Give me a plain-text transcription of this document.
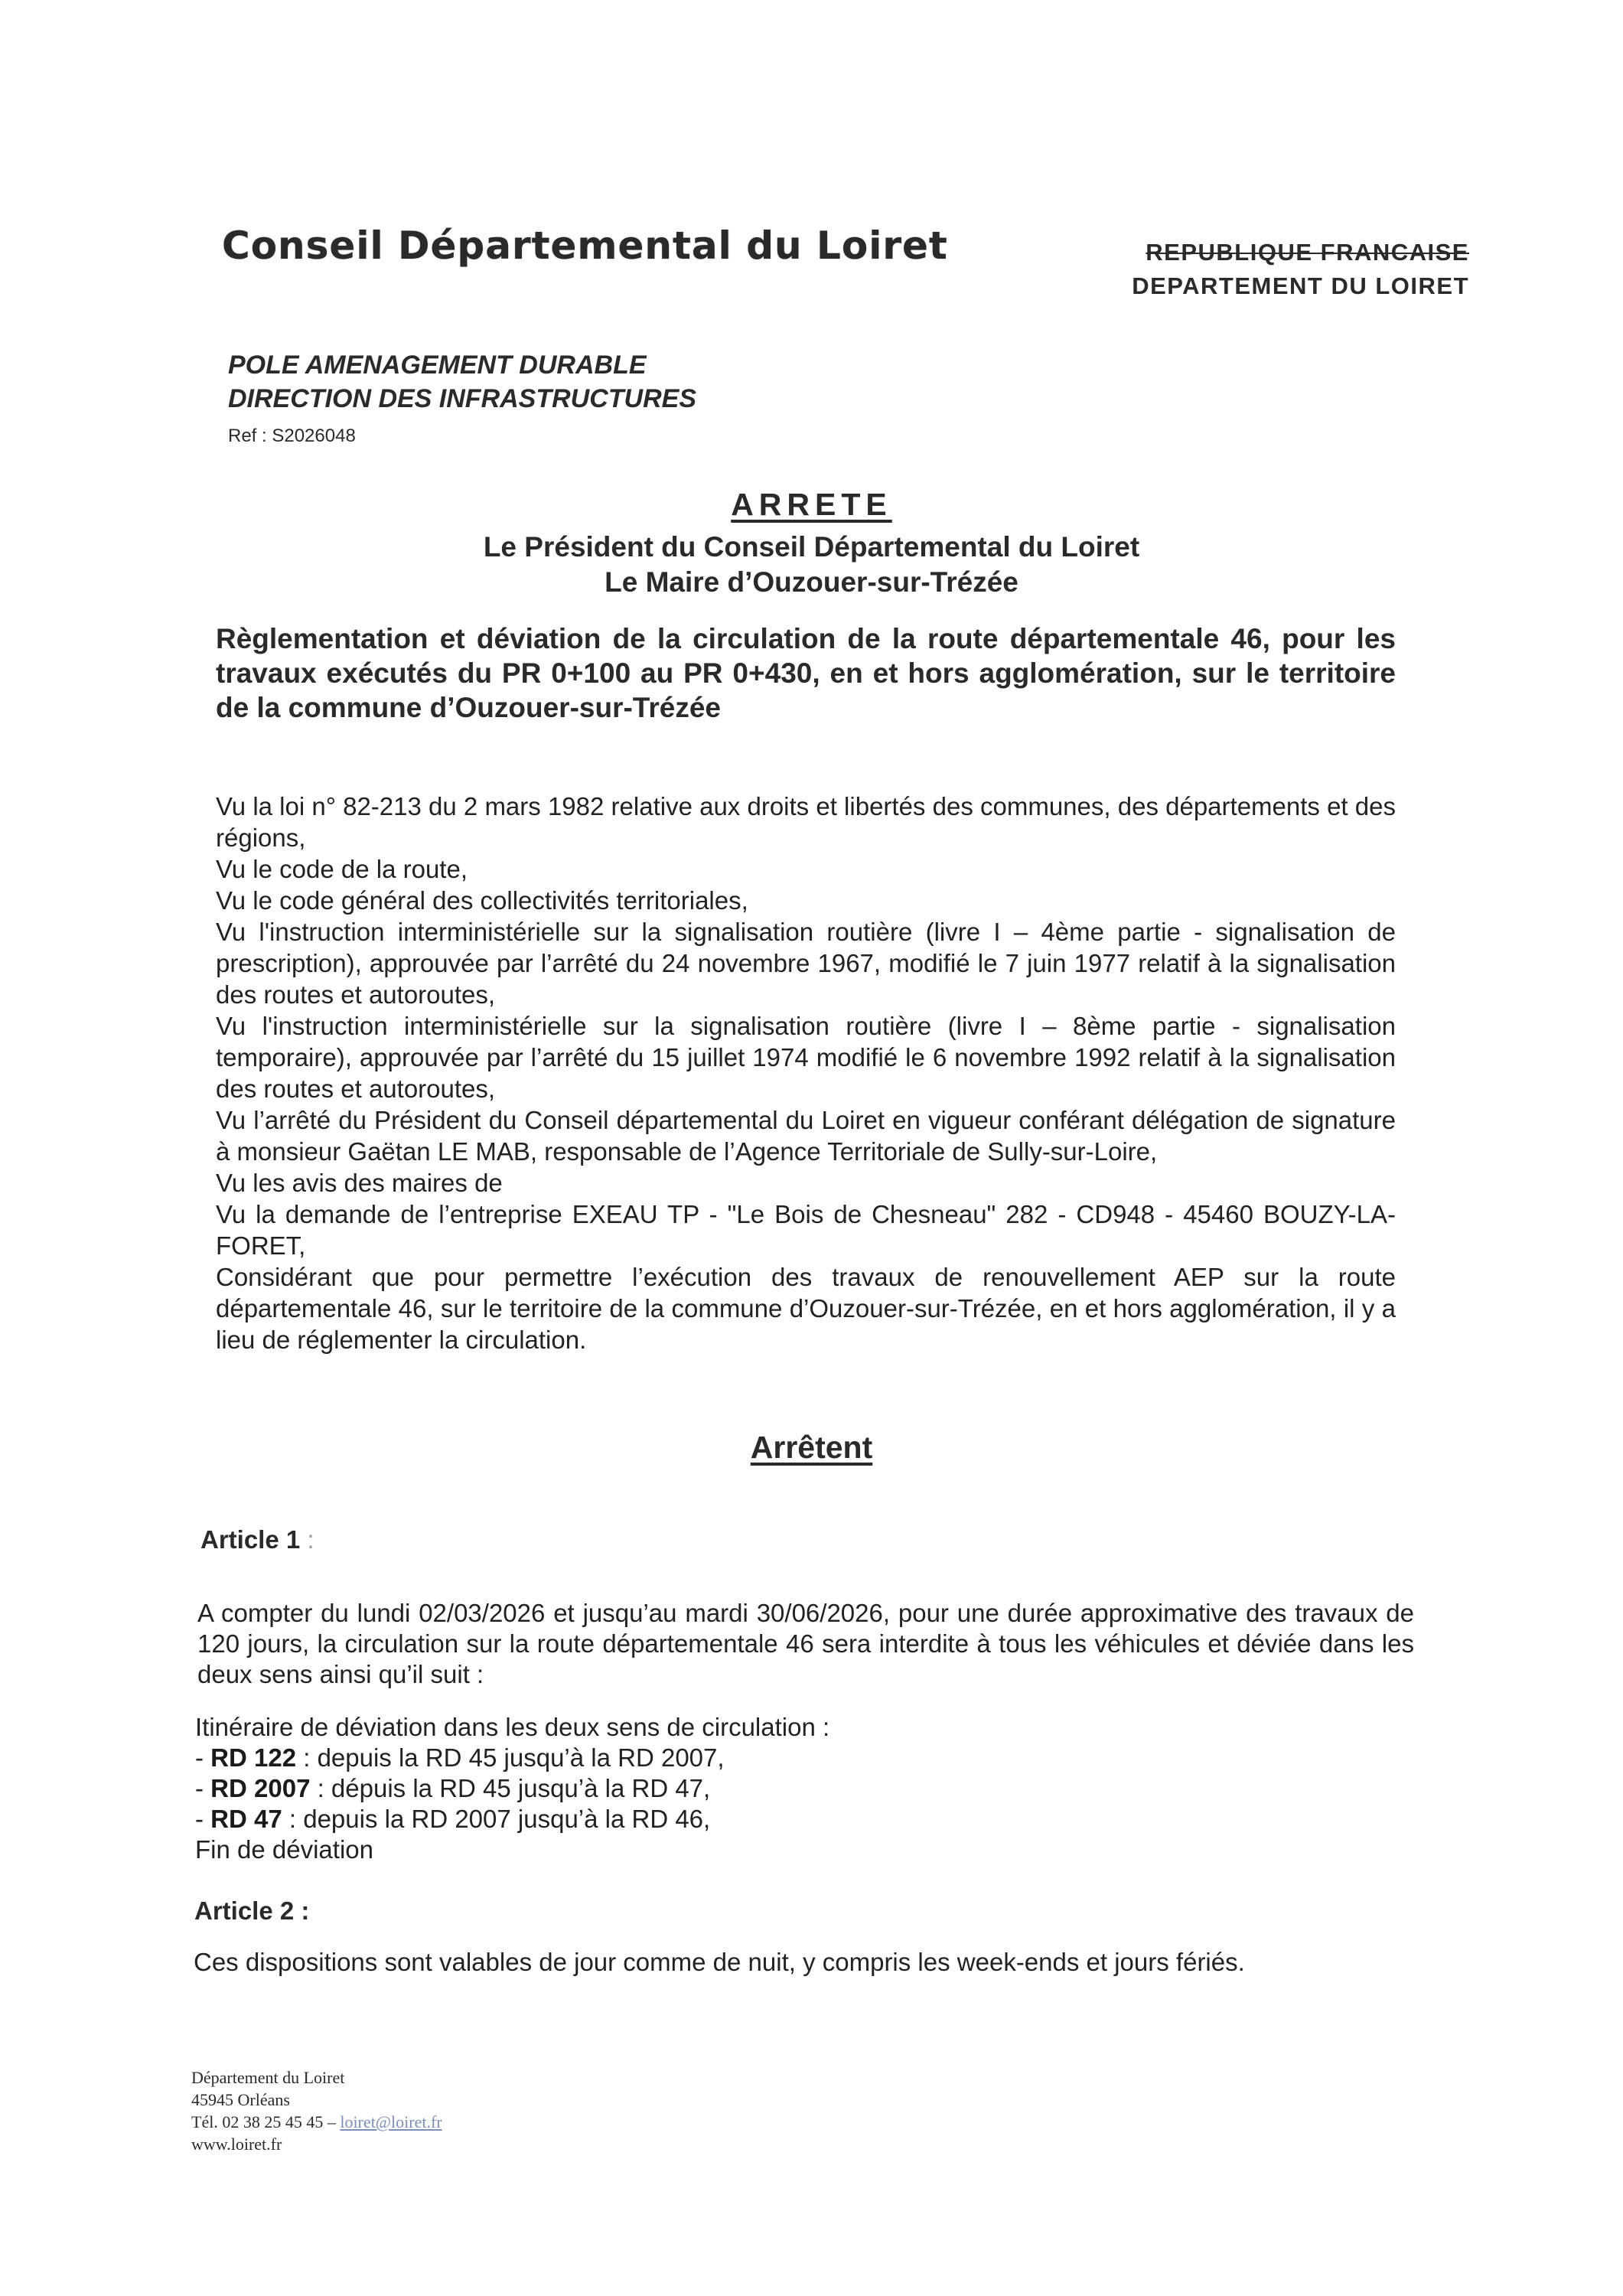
Conseil Départemental du Loiret	REPUBLIQUE FRANCAISE
DEPARTEMENT DU LOIRET
POLE AMENAGEMENT DURABLE
DIRECTION DES INFRASTRUCTURES
Ref : S2026048
ARRETE
Le Président du Conseil Départemental du Loiret
Le Maire d’Ouzouer-sur-Trézée
Règlementation et déviation de la circulation de la route départementale 46, pour les travaux exécutés du PR 0+100 au PR 0+430, en et hors agglomération, sur le territoire de la commune d’Ouzouer-sur-Trézée

Vu la loi n° 82-213 du 2 mars 1982 relative aux droits et libertés des communes, des départements et des régions,

Vu le code de la route,

Vu le code général des collectivités territoriales,

Vu l'instruction interministérielle sur la signalisation routière (livre I – 4ème partie - signalisation de prescription), approuvée par l’arrêté du 24 novembre 1967, modifié le 7 juin 1977 relatif à la signalisation des routes et autoroutes,

Vu l'instruction interministérielle sur la signalisation routière (livre I – 8ème partie - signalisation temporaire), approuvée par l’arrêté du 15 juillet 1974 modifié le 6 novembre 1992 relatif à la signalisation des routes et autoroutes,

Vu l’arrêté du Président du Conseil départemental du Loiret en vigueur conférant délégation de signature à monsieur Gaëtan LE MAB, responsable de l’Agence Territoriale de Sully-sur-Loire,

Vu les avis des maires de

Vu la demande de l’entreprise EXEAU TP - "Le Bois de Chesneau" 282 - CD948 - 45460 BOUZY-LA-FORET,

Considérant que pour permettre l’exécution des travaux de renouvellement AEP sur la route départementale 46, sur le territoire de la commune d’Ouzouer-sur-Trézée, en et hors agglomération, il y a lieu de réglementer la circulation.

Arrêtent
Article 1 :
A compter du lundi 02/03/2026 et jusqu’au mardi 30/06/2026, pour une durée approximative des travaux de 120 jours, la circulation sur la route départementale 46 sera interdite à tous les véhicules et déviée dans les deux sens ainsi qu’il suit :

Itinéraire de déviation dans les deux sens de circulation :

- RD 122 : depuis la RD 45 jusqu’à la RD 2007,

- RD 2007 : dépuis la RD 45 jusqu’à la RD 47,

- RD 47 : depuis la RD 2007 jusqu’à la RD 46,

Fin de déviation

Article 2 :
Ces dispositions sont valables de jour comme de nuit, y compris les week-ends et jours fériés.
Département du Loiret
45945 Orléans
Tél. 02 38 25 45 45 – loiret@loiret.fr
www.loiret.fr
